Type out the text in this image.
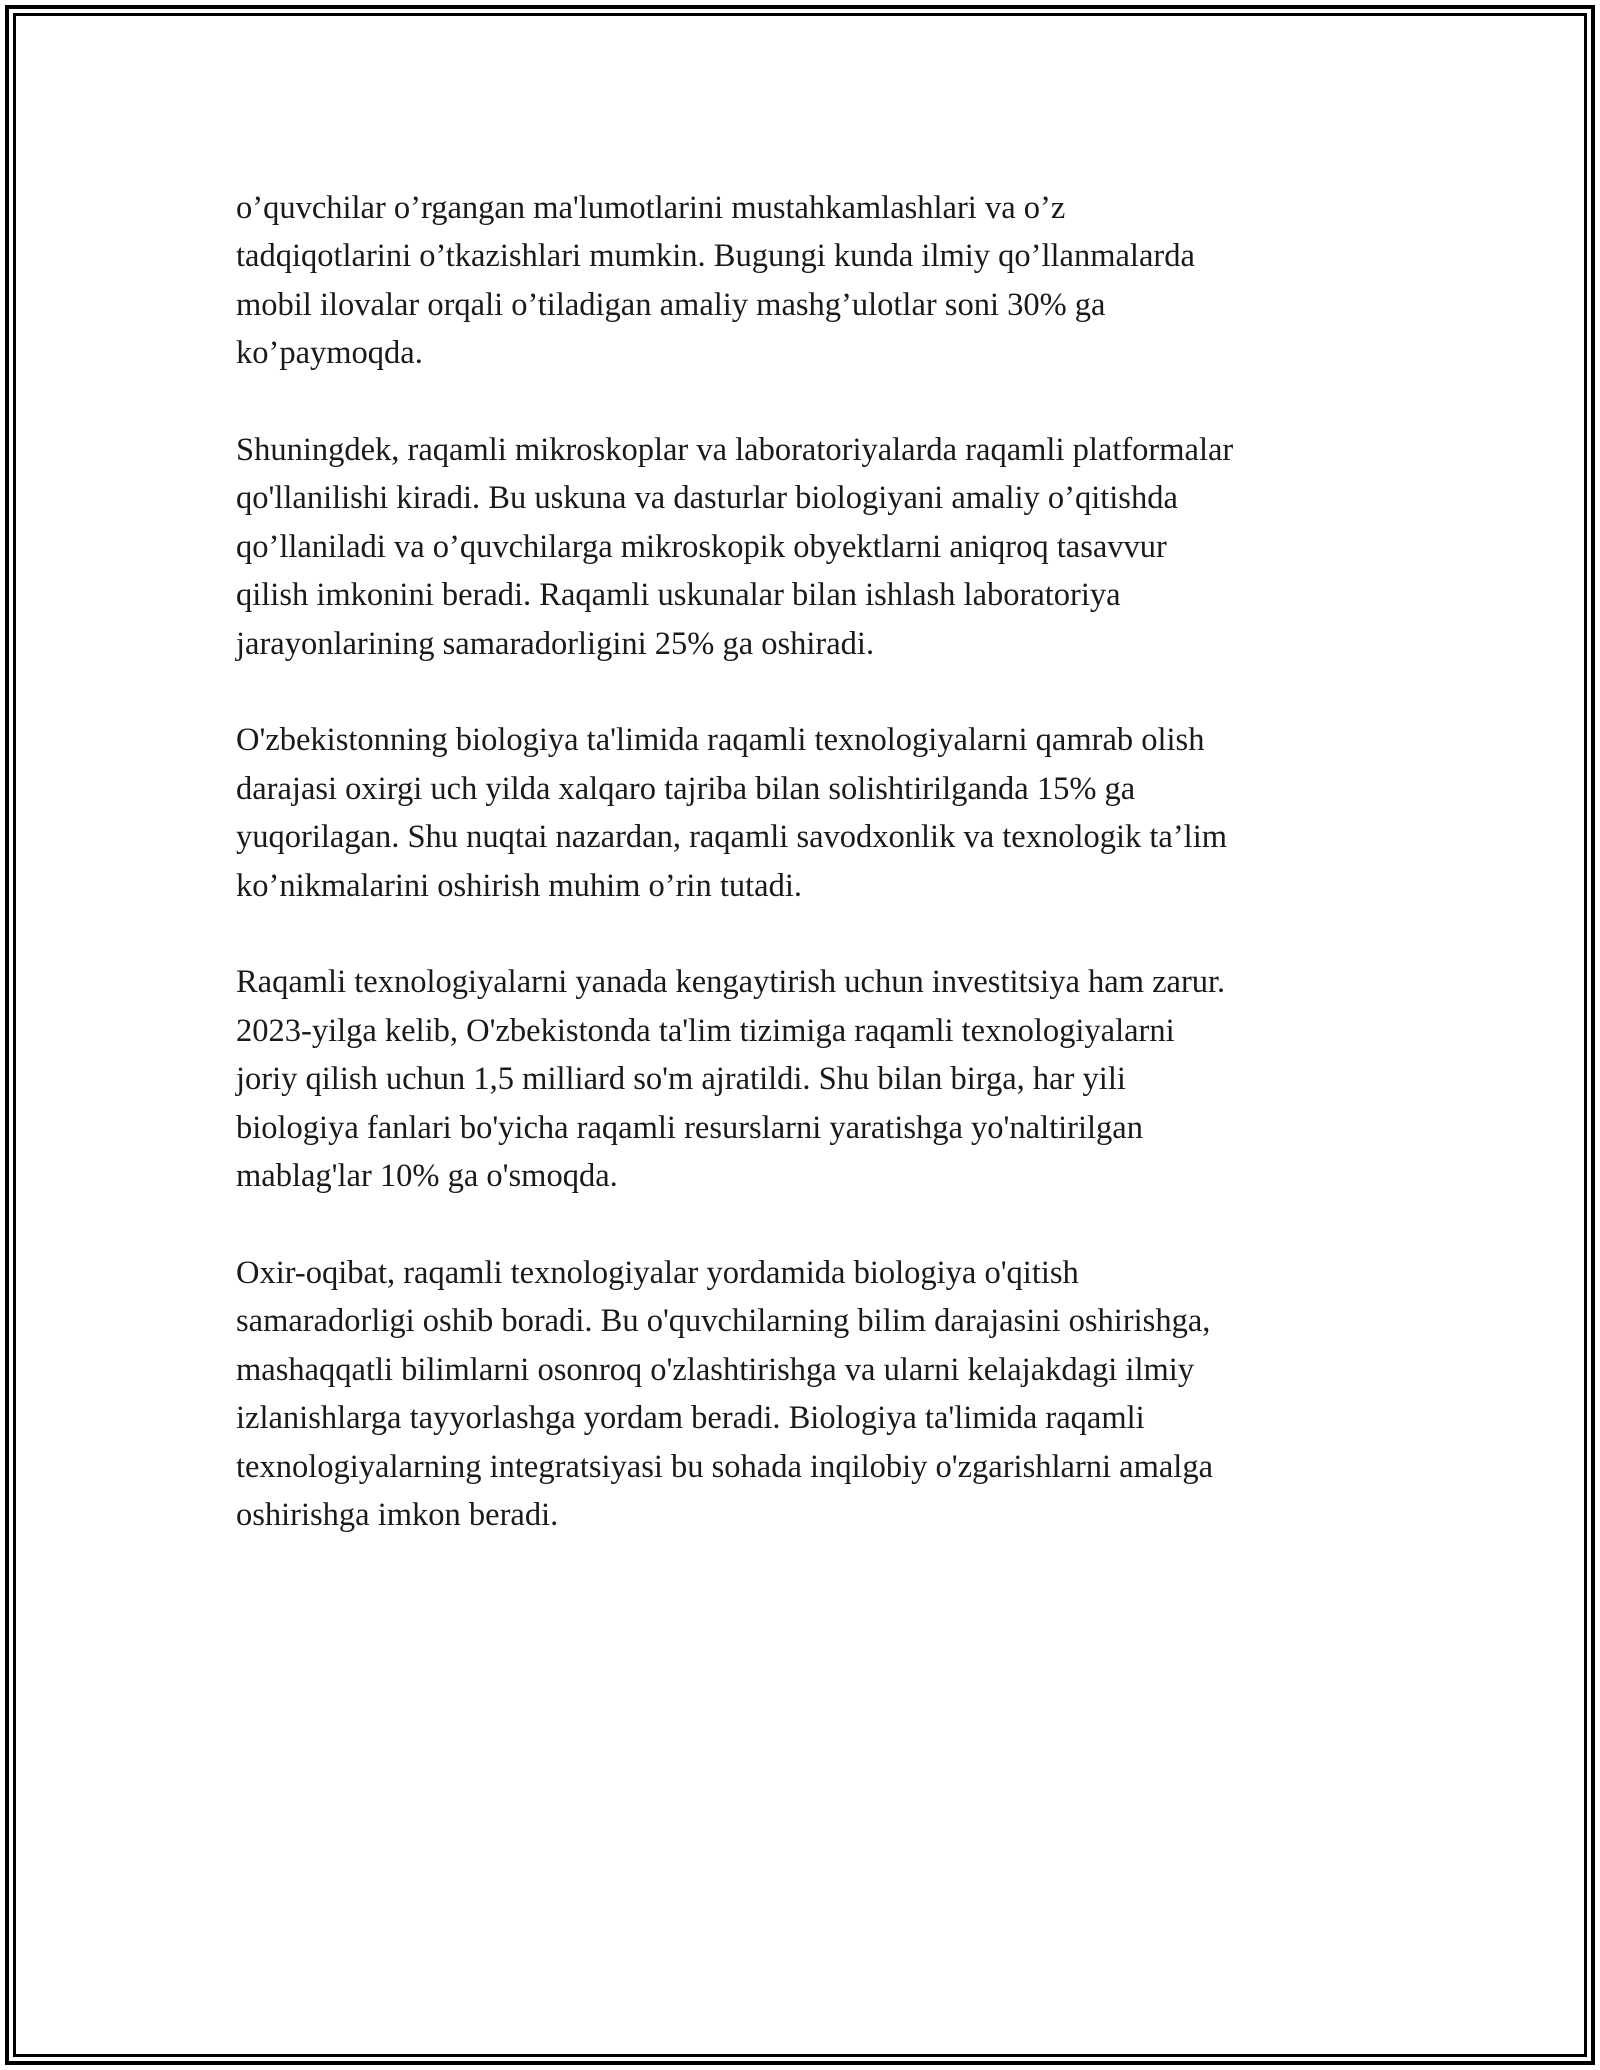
o’quvchilar o’rgangan ma'lumotlarini mustahkamlashlari va o’z
tadqiqotlarini o’tkazishlari mumkin. Bugungi kunda ilmiy qo’llanmalarda
mobil ilovalar orqali o’tiladigan amaliy mashg’ulotlar soni 30% ga
ko’paymoqda.

Shuningdek, raqamli mikroskoplar va laboratoriyalarda raqamli platformalar
qo'llanilishi kiradi. Bu uskuna va dasturlar biologiyani amaliy o’qitishda
qo’llaniladi va o’quvchilarga mikroskopik obyektlarni aniqroq tasavvur
qilish imkonini beradi. Raqamli uskunalar bilan ishlash laboratoriya
jarayonlarining samaradorligini 25% ga oshiradi.

O'zbekistonning biologiya ta'limida raqamli texnologiyalarni qamrab olish
darajasi oxirgi uch yilda xalqaro tajriba bilan solishtirilganda 15% ga
yuqorilagan. Shu nuqtai nazardan, raqamli savodxonlik va texnologik ta’lim
ko’nikmalarini oshirish muhim o’rin tutadi.

Raqamli texnologiyalarni yanada kengaytirish uchun investitsiya ham zarur.
2023-yilga kelib, O'zbekistonda ta'lim tizimiga raqamli texnologiyalarni
joriy qilish uchun 1,5 milliard so'm ajratildi. Shu bilan birga, har yili
biologiya fanlari bo'yicha raqamli resurslarni yaratishga yo'naltirilgan
mablag'lar 10% ga o'smoqda.

Oxir-oqibat, raqamli texnologiyalar yordamida biologiya o'qitish
samaradorligi oshib boradi. Bu o'quvchilarning bilim darajasini oshirishga,
mashaqqatli bilimlarni osonroq o'zlashtirishga va ularni kelajakdagi ilmiy
izlanishlarga tayyorlashga yordam beradi. Biologiya ta'limida raqamli
texnologiyalarning integratsiyasi bu sohada inqilobiy o'zgarishlarni amalga
oshirishga imkon beradi.
